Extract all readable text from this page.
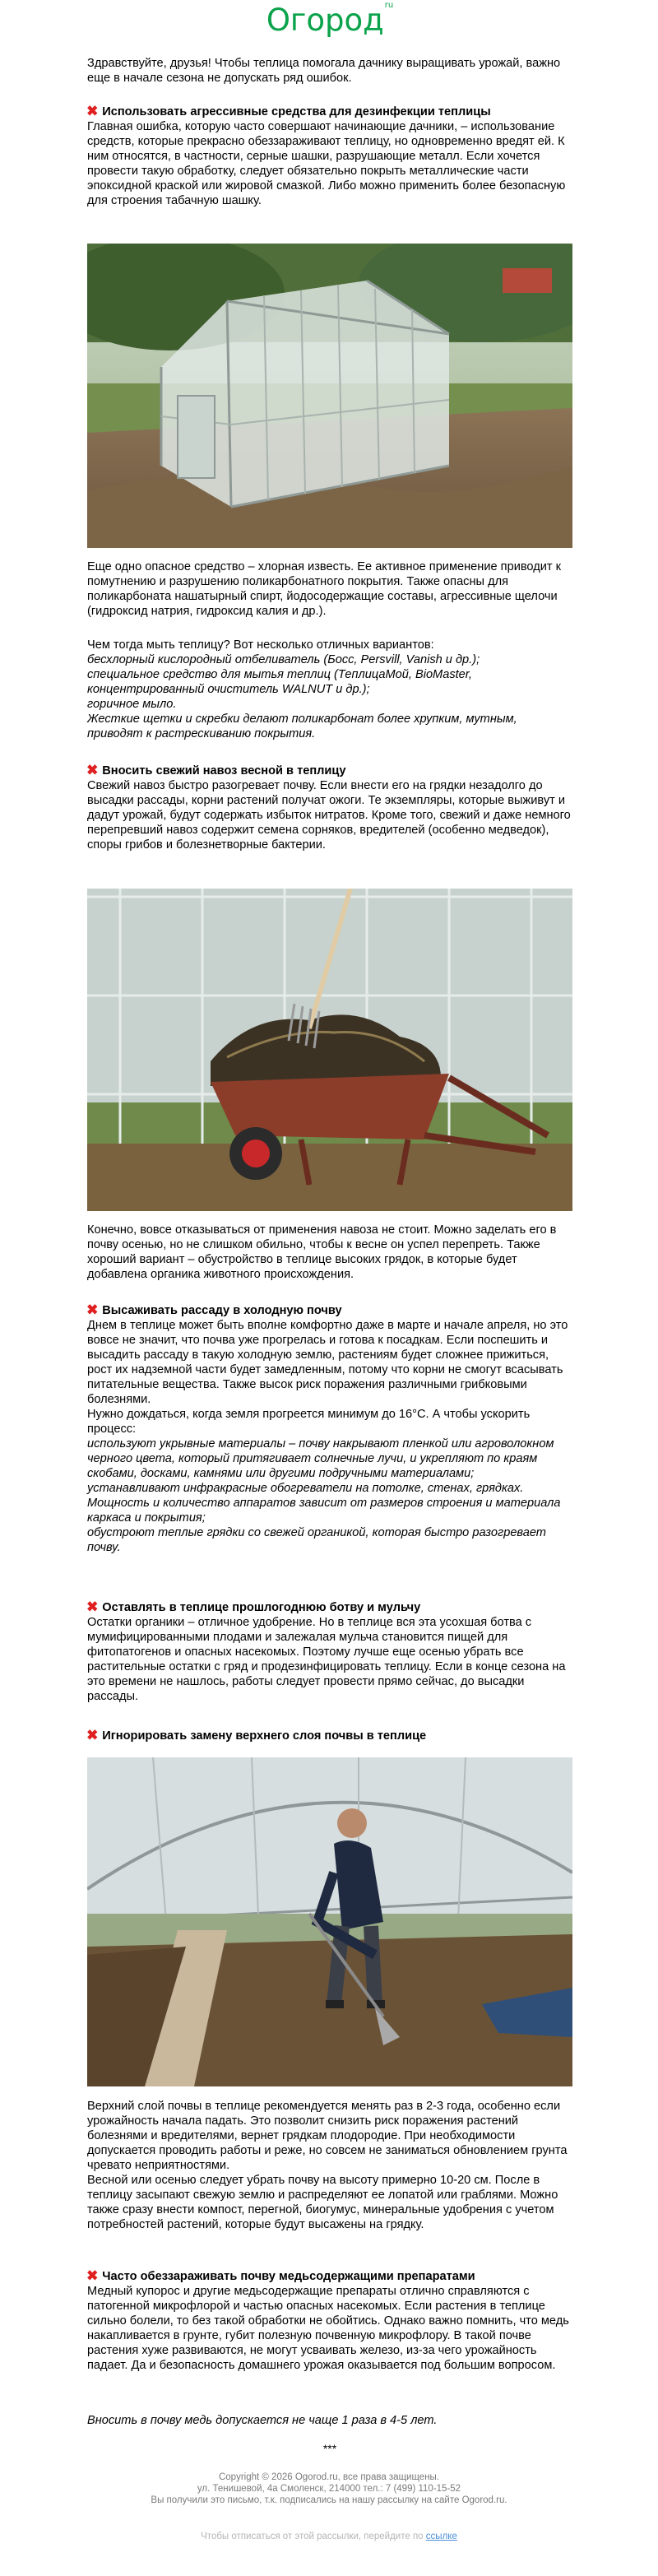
Огород$^{ru}$

Здравствуйте, друзья! Чтобы теплица помогала дачнику выращивать урожай, важно еще в начале сезона не допускать ряд ошибок.

✖ Использовать агрессивные средства для дезинфекции теплицы

Главная ошибка, которую часто совершают начинающие дачники, – использование средств, которые прекрасно обеззараживают теплицу, но одновременно вредят ей. К ним относятся, в частности, серные шашки, разрушающие металл. Если хочется провести такую обработку, следует обязательно покрыть металлические части эпоксидной краской или жировой смазкой. Либо можно применить более безопасную для строения табачную шашку.

Еще одно опасное средство – хлорная известь. Ее активное применение приводит к помутнению и разрушению поликарбонатного покрытия. Также опасны для поликарбоната нашатырный спирт, йодосодержащие составы, агрессивные щелочи (гидроксид натрия, гидроксид калия и др.).

Чем тогда мыть теплицу? Вот несколько отличных вариантов:

бесхлорный кислородный отбеливатель (Босс, Persvill, Vanish и др.);

специальное средство для мытья теплиц (ТеплицаМой, BioMaster, концентрированный очиститель WALNUT и др.);

горичное мыло.

Жесткие щетки и скребки делают поликарбонат более хрупким, мутным, приводят к растрескиванию покрытия.

✖ Вносить свежий навоз весной в теплицу

Свежий навоз быстро разогревает почву. Если внести его на грядки незадолго до высадки рассады, корни растений получат ожоги. Те экземпляры, которые выживут и дадут урожай, будут содержать избыток нитратов. Кроме того, свежий и даже немного перепревший навоз содержит семена сорняков, вредителей (особенно медведок), споры грибов и болезнетворные бактерии.

Конечно, вовсе отказываться от применения навоза не стоит. Можно заделать его в почву осенью, но не слишком обильно, чтобы к весне он успел перепреть. Также хороший вариант – обустройство в теплице высоких грядок, в которые будет добавлена органика животного происхождения.

✖ Высаживать рассаду в холодную почву

Днем в теплице может быть вполне комфортно даже в марте и начале апреля, но это вовсе не значит, что почва уже прогрелась и готова к посадкам. Если поспешить и высадить рассаду в такую холодную землю, растениям будет сложнее прижиться, рост их надземной части будет замедленным, потому что корни не смогут всасывать питательные вещества. Также высок риск поражения различными грибковыми болезнями.

Нужно дождаться, когда земля прогреется минимум до 16°C. А чтобы ускорить процесс:

используют укрывные материалы – почву накрывают пленкой или агроволокном черного цвета, который притягивает солнечные лучи, и укрепляют по краям скобами, досками, камнями или другими подручными материалами;

устанавливают инфракрасные обогреватели на потолке, стенах, грядках. Мощность и количество аппаратов зависит от размеров строения и материала каркаса и покрытия;

обустроют теплые грядки со свежей органикой, которая быстро разогревает почву.

✖ Оставлять в теплице прошлогоднюю ботву и мульчу

Остатки органики – отличное удобрение. Но в теплице вся эта усохшая ботва с мумифицированными плодами и залежалая мульча становится пищей для фитопатогенов и опасных насекомых. Поэтому лучше еще осенью убрать все растительные остатки с гряд и продезинфицировать теплицу. Если в конце сезона на это времени не нашлось, работы следует провести прямо сейчас, до высадки рассады.

✖ Игнорировать замену верхнего слоя почвы в теплице

Верхний слой почвы в теплице рекомендуется менять раз в 2-3 года, особенно если урожайность начала падать. Это позволит снизить риск поражения растений болезнями и вредителями, вернет грядкам плодородие. При необходимости допускается проводить работы и реже, но совсем не заниматься обновлением грунта чревато неприятностями.

Весной или осенью следует убрать почву на высоту примерно 10-20 см. После в теплицу засыпают свежую землю и распределяют ее лопатой или граблями. Можно также сразу внести компост, перегной, биогумус, минеральные удобрения с учетом потребностей растений, которые будут высажены на грядку.

✖ Часто обеззараживать почву медьсодержащими препаратами

Медный купорос и другие медьсодержащие препараты отлично справляются с патогенной микрофлорой и частью опасных насекомых. Если растения в теплице сильно болели, то без такой обработки не обойтись. Однако важно помнить, что медь накапливается в грунте, губит полезную почвенную микрофлору. В такой почве растения хуже развиваются, не могут усваивать железо, из-за чего урожайность падает. Да и безопасность домашнего урожая оказывается под большим вопросом.

Вносить в почву медь допускается не чаще 1 раза в 4-5 лет.

***
Copyright © 2026 Ogorod.ru, все права защищены.
ул. Тенишевой, 4а Смоленск, 214000 тел.: 7 (499) 110-15-52
Вы получили это письмо, т.к. подписались на нашу рассылку на сайте Ogorod.ru.
Чтобы отписаться от этой рассылки, перейдите по ссылке
